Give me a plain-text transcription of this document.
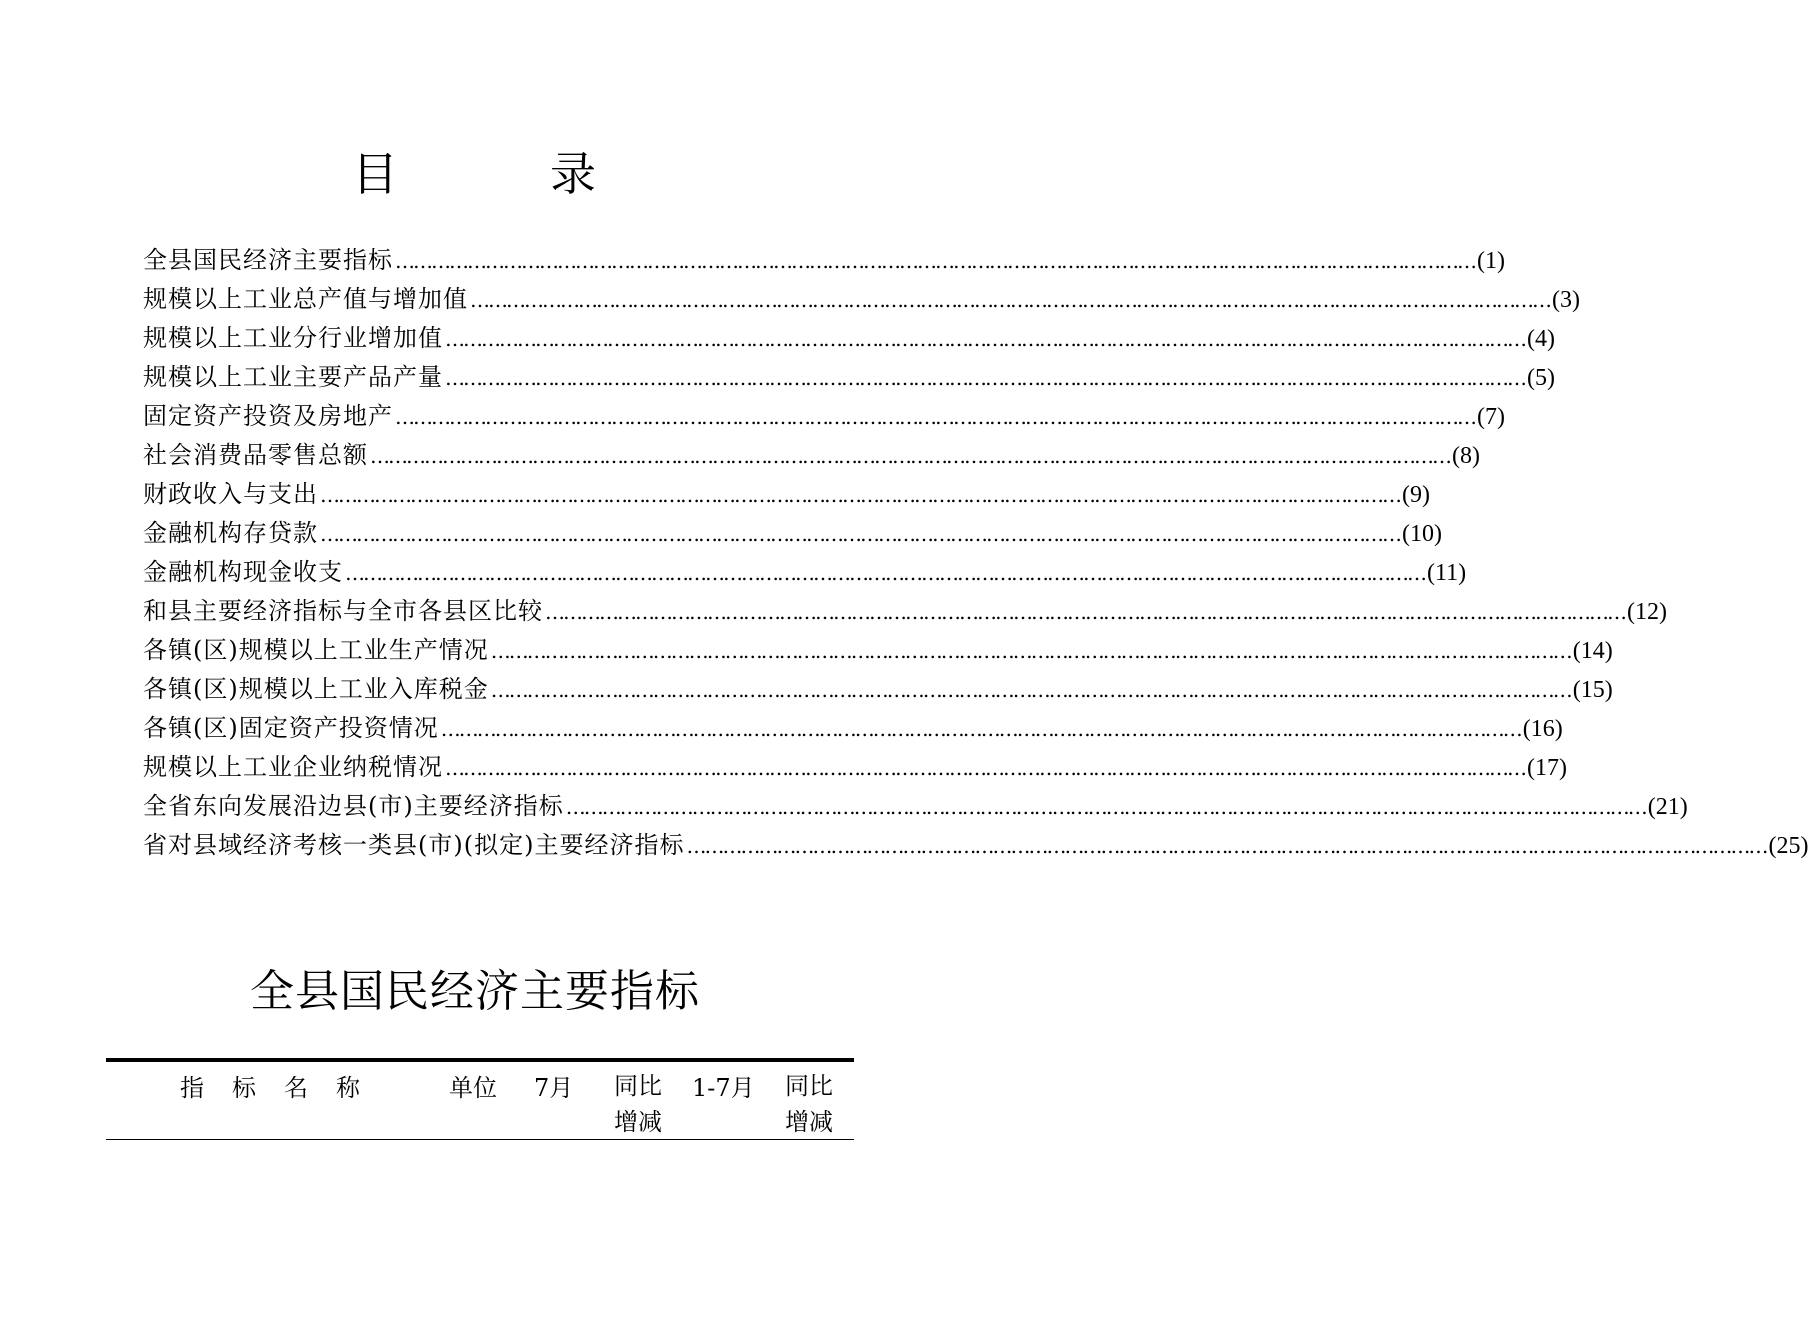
目	录
全县国民经济主要指标 ……………………………………………………………………………………………………………………………………………………………… (1)
规模以上工业总产值与增加值 ……………………………………………………………………………………………………………………………………………………………… (3)
规模以上工业分行业增加值 ……………………………………………………………………………………………………………………………………………………………… (4)
规模以上工业主要产品产量 ……………………………………………………………………………………………………………………………………………………………… (5)
固定资产投资及房地产 ……………………………………………………………………………………………………………………………………………………………… (7)
社会消费品零售总额 ……………………………………………………………………………………………………………………………………………………………… (8)
财政收入与支出 ……………………………………………………………………………………………………………………………………………………………… (9)
金融机构存贷款 ……………………………………………………………………………………………………………………………………………………………… (10)
金融机构现金收支 ……………………………………………………………………………………………………………………………………………………………… (11)
和县主要经济指标与全市各县区比较 ……………………………………………………………………………………………………………………………………………………………… (12)
各镇(区)规模以上工业生产情况 ……………………………………………………………………………………………………………………………………………………………… (14)
各镇(区)规模以上工业入库税金 ……………………………………………………………………………………………………………………………………………………………… (15)
各镇(区)固定资产投资情况 ……………………………………………………………………………………………………………………………………………………………… (16)
规模以上工业企业纳税情况 ……………………………………………………………………………………………………………………………………………………………… (17)
全省东向发展沿边县(市)主要经济指标 ……………………………………………………………………………………………………………………………………………………………… (21)
省对县域经济考核一类县(市)(拟定)主要经济指标 ……………………………………………………………………………………………………………………………………………………………… (25)
全县国民经济主要指标
指 标 名 称	单位 7月 同比
增减
1-7月 同比
增减
